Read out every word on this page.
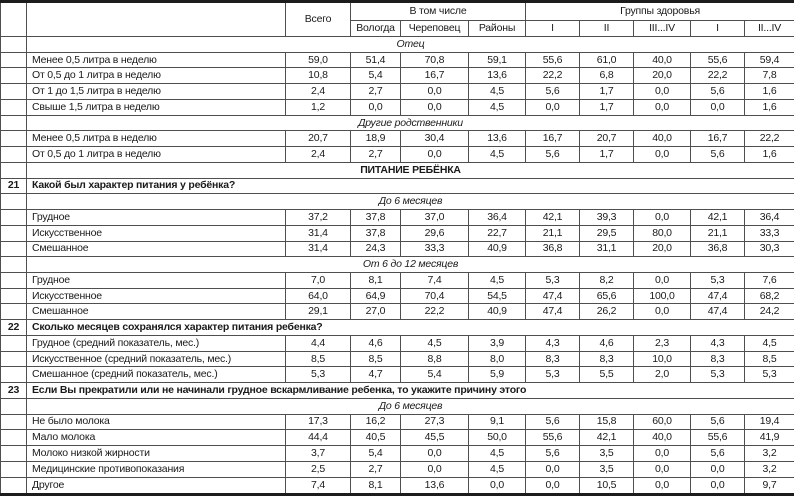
		Всего	В том числе			Группы здоровья				
			Вологда	Череповец	Районы	I	II	III...IV	I	II...IV
	Отец									
	Менее 0,5 литра в неделю	59,0	51,4	70,8	59,1	55,6	61,0	40,0	55,6	59,4
	От 0,5 до 1 литра в неделю	10,8	5,4	16,7	13,6	22,2	6,8	20,0	22,2	7,8
	От 1 до 1,5 литра в неделю	2,4	2,7	0,0	4,5	5,6	1,7	0,0	5,6	1,6
	Свыше 1,5 литра в неделю	1,2	0,0	0,0	4,5	0,0	1,7	0,0	0,0	1,6
	Другие родственники									
	Менее 0,5 литра в неделю	20,7	18,9	30,4	13,6	16,7	20,7	40,0	16,7	22,2
	От 0,5 до 1 литра в неделю	2,4	2,7	0,0	4,5	5,6	1,7	0,0	5,6	1,6
	ПИТАНИЕ РЕБЁНКА									
21	Какой был характер питания у ребёнка?									
	До 6 месяцев									
	Грудное	37,2	37,8	37,0	36,4	42,1	39,3	0,0	42,1	36,4
	Искусственное	31,4	37,8	29,6	22,7	21,1	29,5	80,0	21,1	33,3
	Смешанное	31,4	24,3	33,3	40,9	36,8	31,1	20,0	36,8	30,3
	От 6 до 12 месяцев									
	Грудное	7,0	8,1	7,4	4,5	5,3	8,2	0,0	5,3	7,6
	Искусственное	64,0	64,9	70,4	54,5	47,4	65,6	100,0	47,4	68,2
	Смешанное	29,1	27,0	22,2	40,9	47,4	26,2	0,0	47,4	24,2
22	Сколько месяцев сохранялся характер питания ребенка?									
	Грудное (средний показатель, мес.)	4,4	4,6	4,5	3,9	4,3	4,6	2,3	4,3	4,5
	Искусственное (средний показатель, мес.)	8,5	8,5	8,8	8,0	8,3	8,3	10,0	8,3	8,5
	Смешанное (средний показатель, мес.)	5,3	4,7	5,4	5,9	5,3	5,5	2,0	5,3	5,3
23	Если Вы прекратили или не начинали грудное вскармливание ребенка, то укажите причину этого									
	До 6 месяцев									
	Не было молока	17,3	16,2	27,3	9,1	5,6	15,8	60,0	5,6	19,4
	Мало молока	44,4	40,5	45,5	50,0	55,6	42,1	40,0	55,6	41,9
	Молоко низкой жирности	3,7	5,4	0,0	4,5	5,6	3,5	0,0	5,6	3,2
	Медицинские противопоказания	2,5	2,7	0,0	4,5	0,0	3,5	0,0	0,0	3,2
	Другое	7,4	8,1	13,6	0,0	0,0	10,5	0,0	0,0	9,7
